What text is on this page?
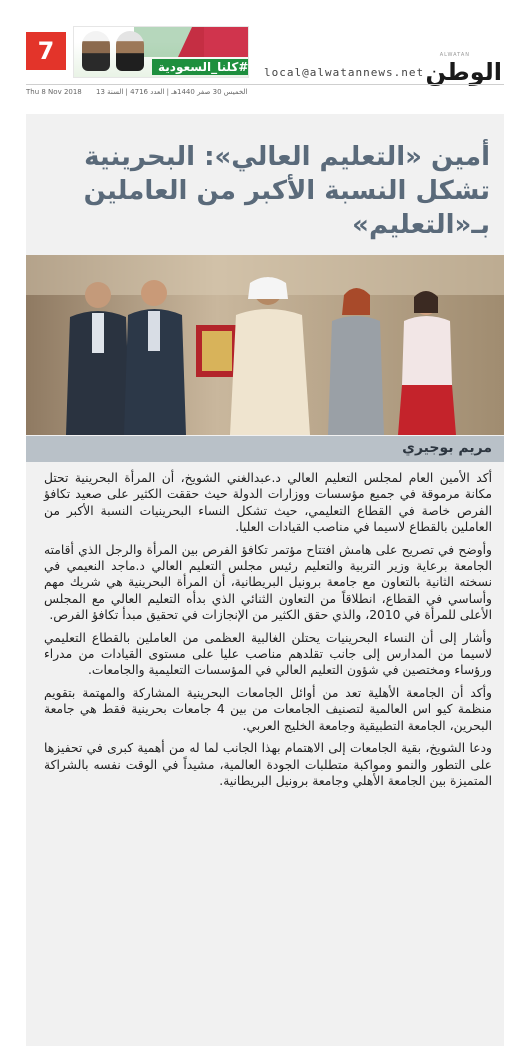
7
#كلنا_السعودية	local@alwatannews.net
ALWATAN
الوطن
Thu 8 Nov 2018 الخميس 30 صفر 1440هـ | العدد 4716 | السنة 13
أمين «التعليم العالي»: البحرينية تشكل النسبة الأكبر من العاملين بـ«التعليم»
مريم بوجيري

أكد الأمين العام لمجلس التعليم العالي د.عبدالغني الشويخ، أن المرأة البحرينية تحتل مكانة مرموقة في جميع مؤسسات ووزارات الدولة حيث حققت الكثير على صعيد تكافؤ الفرص خاصة في القطاع التعليمي، حيث تشكل النساء البحرينيات النسبة الأكبر من العاملين بالقطاع لاسيما في مناصب القيادات العليا.

وأوضح في تصريح على هامش افتتاح مؤتمر تكافؤ الفرص بين المرأة والرجل الذي أقامته الجامعة برعاية وزير التربية والتعليم رئيس مجلس التعليم العالي د.ماجد النعيمي في نسخته الثانية بالتعاون مع جامعة برونيل البريطانية، أن المرأة البحرينية هي شريك مهم وأساسي في القطاع، انطلاقاً من التعاون الثنائي الذي بدأه التعليم العالي مع المجلس الأعلى للمرأة في 2010، والذي حقق الكثير من الإنجازات في تحقيق مبدأ تكافؤ الفرص.

وأشار إلى أن النساء البحرينيات يحتلن الغالبية العظمى من العاملين بالقطاع التعليمي لاسيما من المدارس إلى جانب تقلدهم مناصب عليا على مستوى القيادات من مدراء ورؤساء ومختصين في شؤون التعليم العالي في المؤسسات التعليمية والجامعات.

وأكد أن الجامعة الأهلية تعد من أوائل الجامعات البحرينية المشاركة والمهتمة بتقويم منظمة كيو اس العالمية لتصنيف الجامعات من بين 4 جامعات بحرينية فقط هي جامعة البحرين، الجامعة التطبيقية وجامعة الخليج العربي.

ودعا الشويخ، بقية الجامعات إلى الاهتمام بهذا الجانب لما له من أهمية كبرى في تحفيزها على التطور والنمو ومواكبة متطلبات الجودة العالمية، مشيداً في الوقت نفسه بالشراكة المتميزة بين الجامعة الأهلي وجامعة برونيل البريطانية.
